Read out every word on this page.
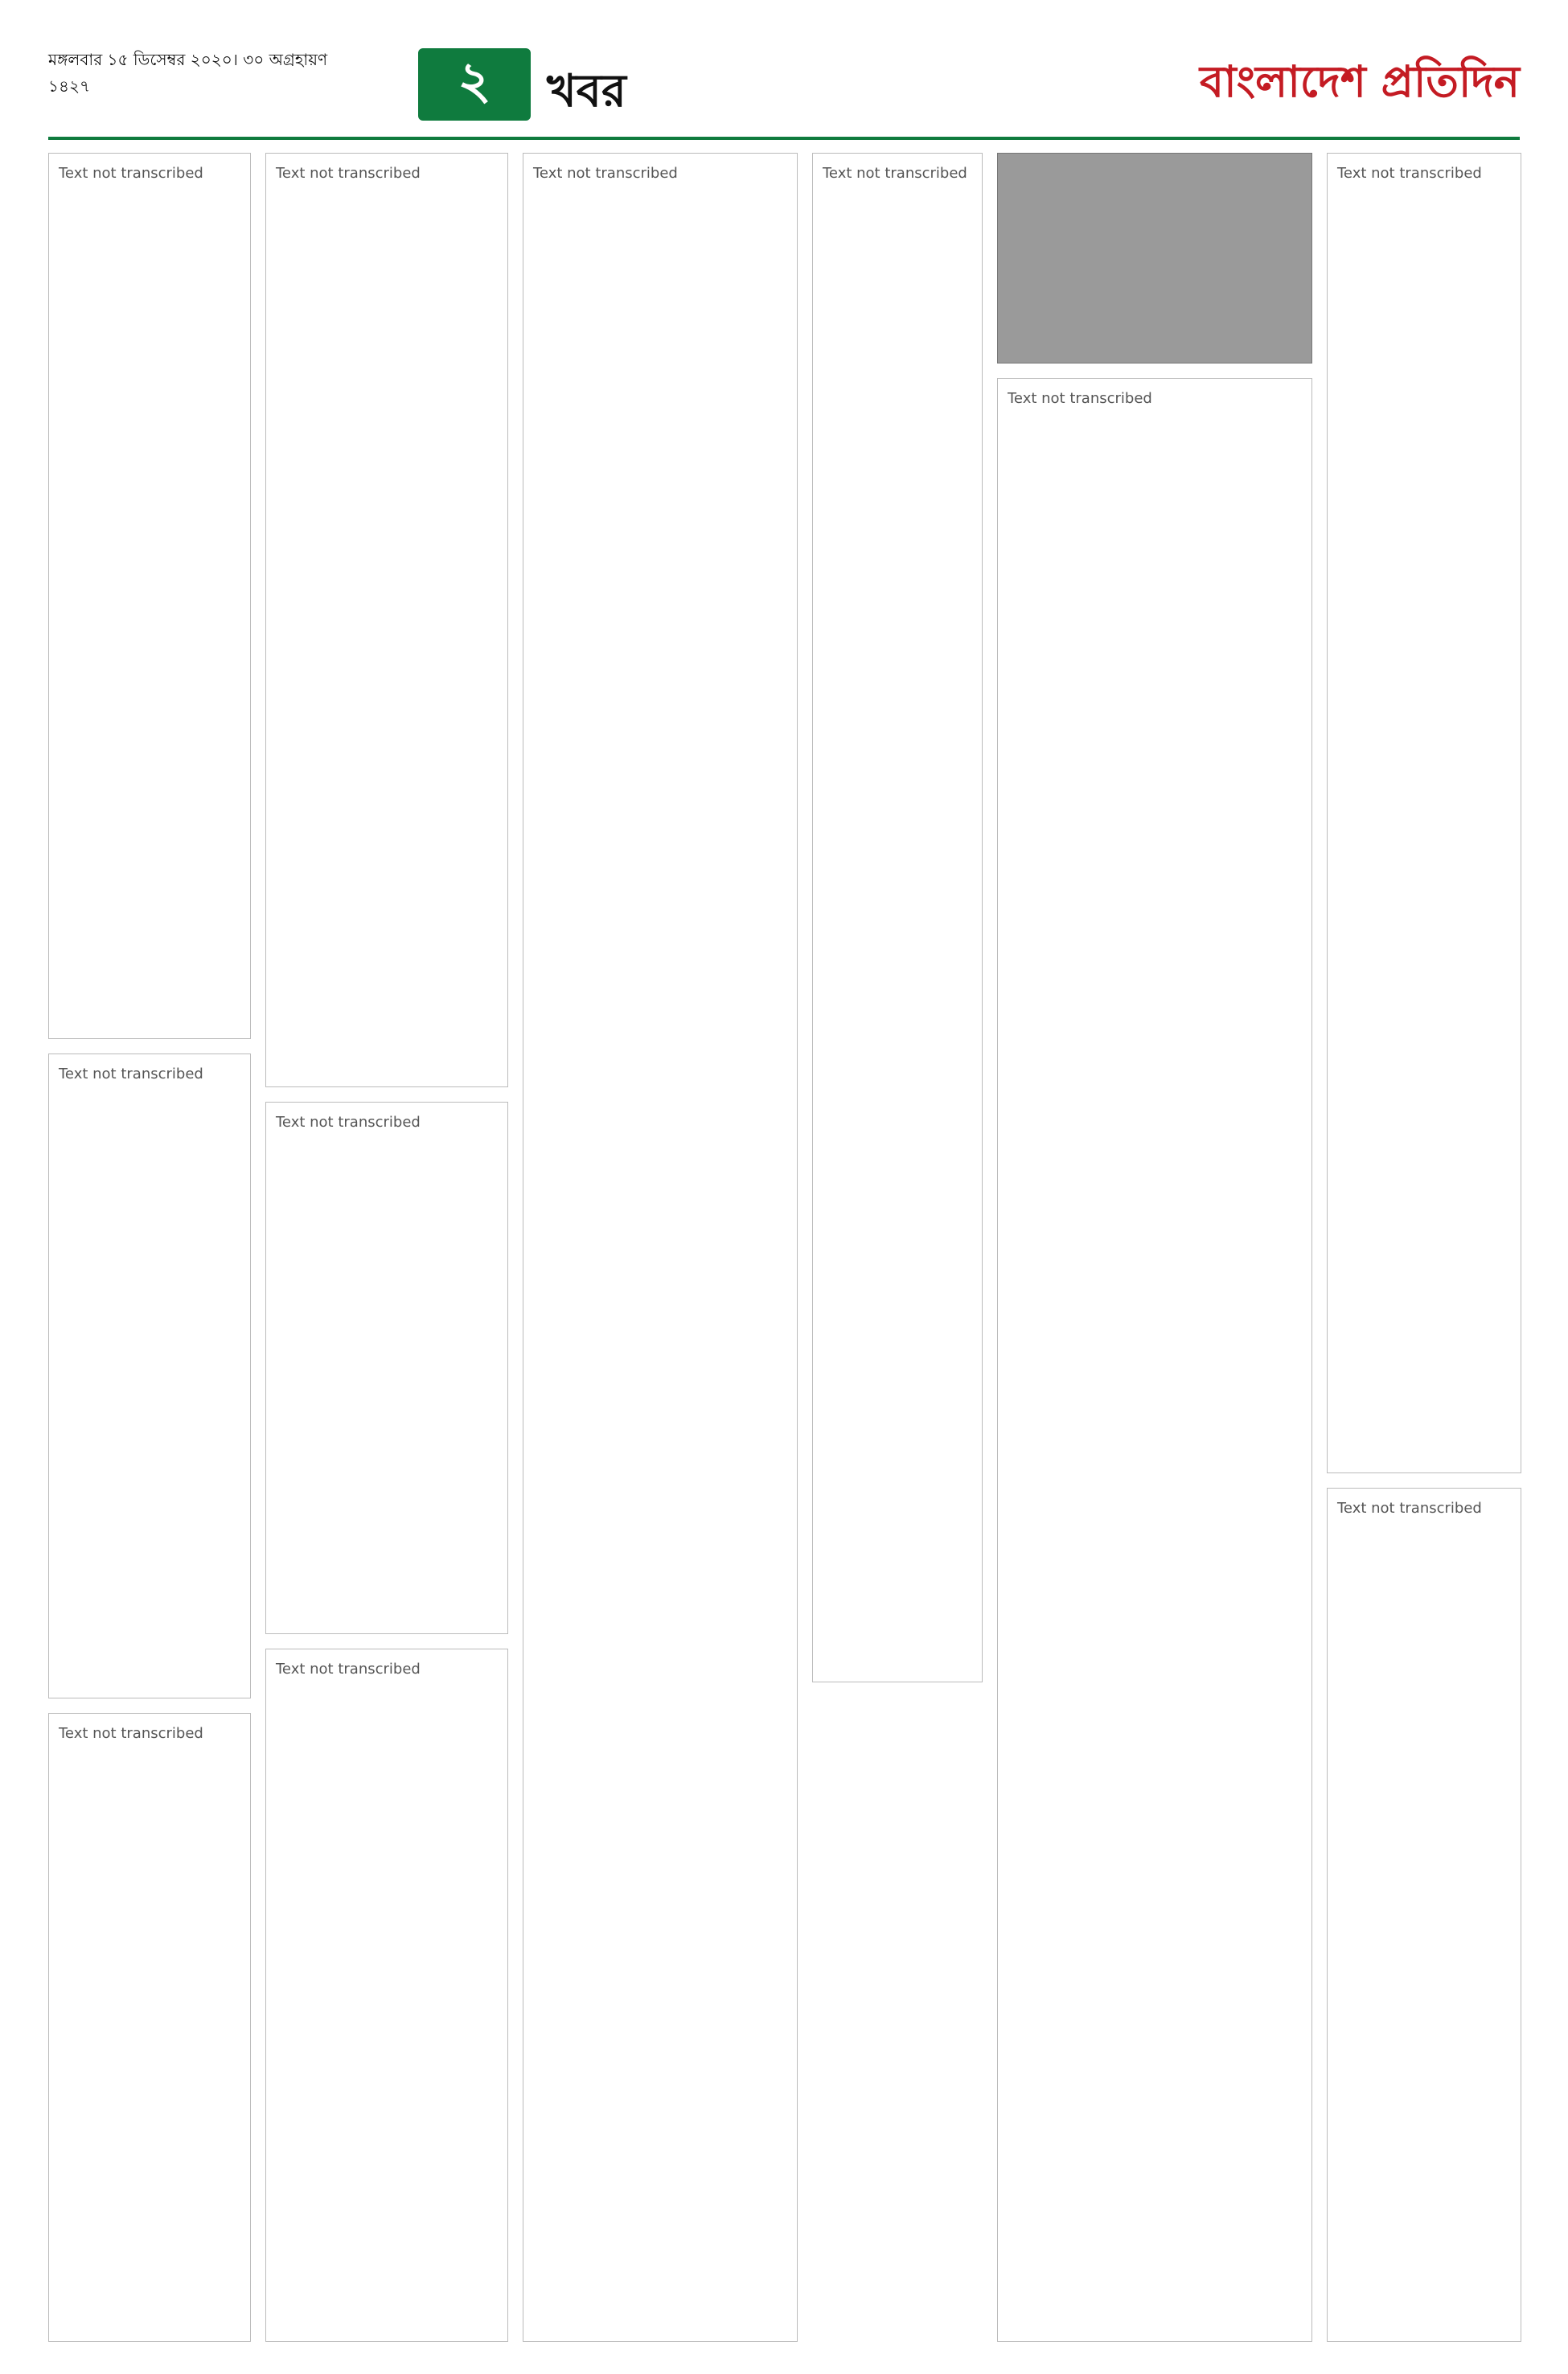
মঙ্গলবার ১৫ ডিসেম্বর ২০২০। ৩০ অগ্রহায়ণ ১৪২৭	২	খবর	বাংলাদেশ প্রতিদিন
Text not transcribed
Text not transcribed
Text not transcribed
Text not transcribed
Text not transcribed
Text not transcribed
Text not transcribed	Text not transcribed
Text not transcribed
Text not transcribed
Text not transcribed
